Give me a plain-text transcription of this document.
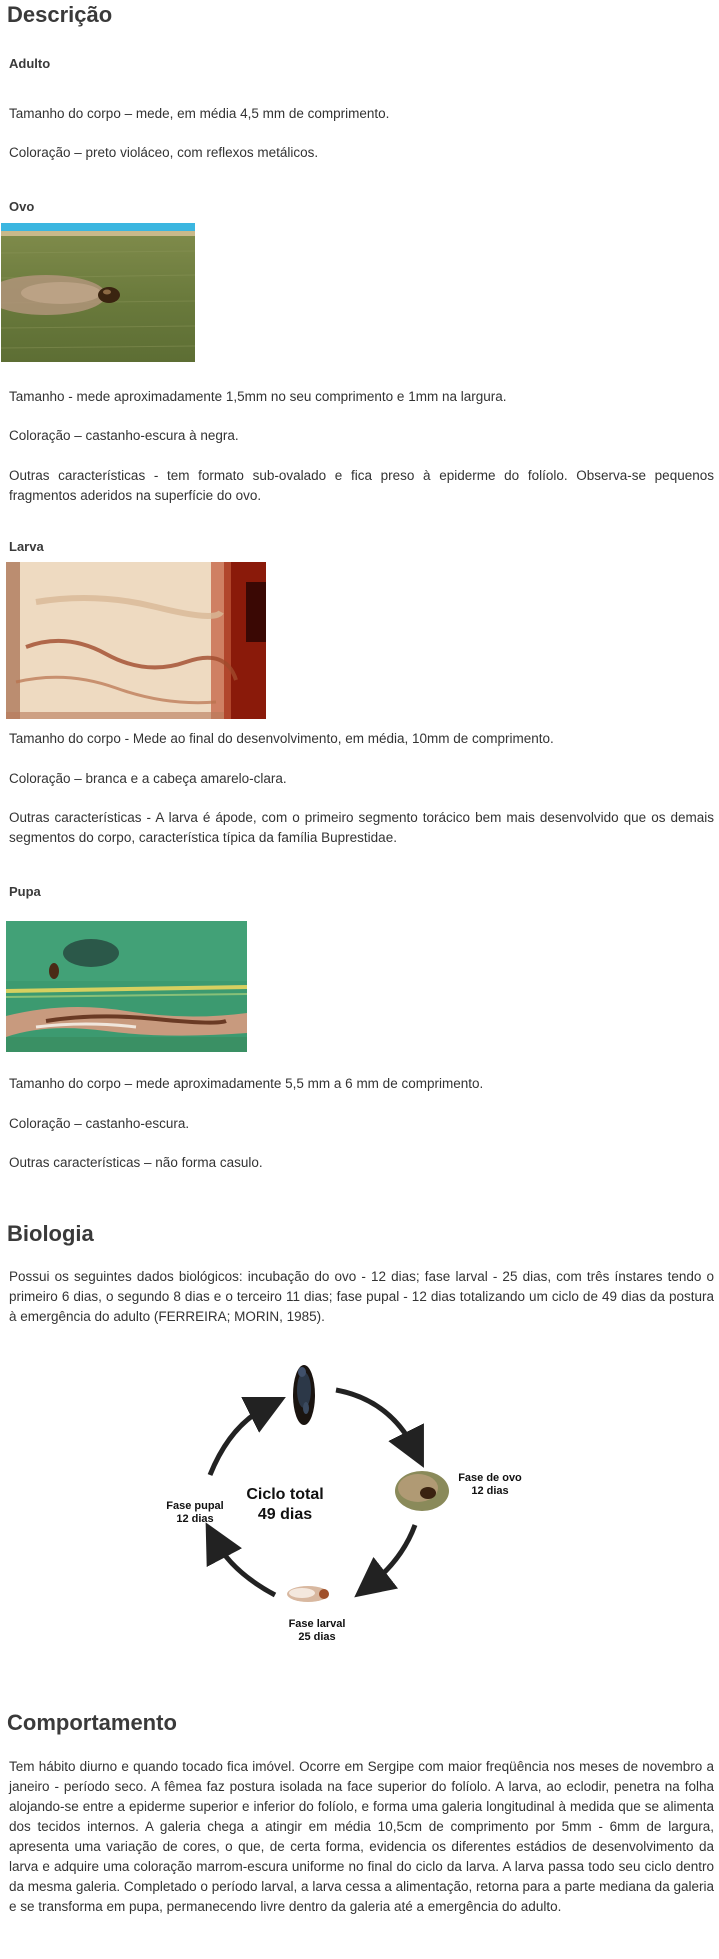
Descrição
Adulto

Tamanho do corpo – mede, em média 4,5 mm de comprimento.

Coloração – preto violáceo, com reflexos metálicos.

Ovo

Tamanho - mede aproximadamente 1,5mm no seu comprimento e 1mm na largura.

Coloração – castanho-escura à negra.

Outras características - tem formato sub-ovalado e fica preso à epiderme do folíolo. Observa-se pequenos fragmentos aderidos na superfície do ovo.

Larva

Tamanho do corpo - Mede ao final do desenvolvimento, em média, 10mm de comprimento.

Coloração – branca e a cabeça amarelo-clara.

Outras características - A larva é ápode, com o primeiro segmento torácico bem mais desenvolvido que os demais segmentos do corpo, característica típica da família Buprestidae.

Pupa

Tamanho do corpo – mede aproximadamente 5,5 mm a 6 mm de comprimento.

Coloração – castanho-escura.

Outras características – não forma casulo.

Biologia

Possui os seguintes dados biológicos: incubação do ovo - 12 dias; fase larval - 25 dias, com três ínstares tendo o primeiro 6 dias, o segundo 8 dias e o terceiro 11 dias; fase pupal - 12 dias totalizando um ciclo de 49 dias da postura à emergência do adulto (FERREIRA; MORIN, 1985).

Ciclo total
49 dias
Fase de ovo
12 dias
Fase pupal
12 dias
Fase larval
25 dias
Comportamento

Tem hábito diurno e quando tocado fica imóvel. Ocorre em Sergipe com maior freqüência nos meses de novembro a janeiro - período seco. A fêmea faz postura isolada na face superior do folíolo. A larva, ao eclodir, penetra na folha alojando-se entre a epiderme superior e inferior do folíolo, e forma uma galeria longitudinal à medida que se alimenta dos tecidos internos. A galeria chega a atingir em média 10,5cm de comprimento por 5mm - 6mm de largura, apresenta uma variação de cores, o que, de certa forma, evidencia os diferentes estádios de desenvolvimento da larva e adquire uma coloração marrom-escura uniforme no final do ciclo da larva. A larva passa todo seu ciclo dentro da mesma galeria. Completado o período larval, a larva cessa a alimentação, retorna para a parte mediana da galeria e se transforma em pupa, permanecendo livre dentro da galeria até a emergência do adulto.
